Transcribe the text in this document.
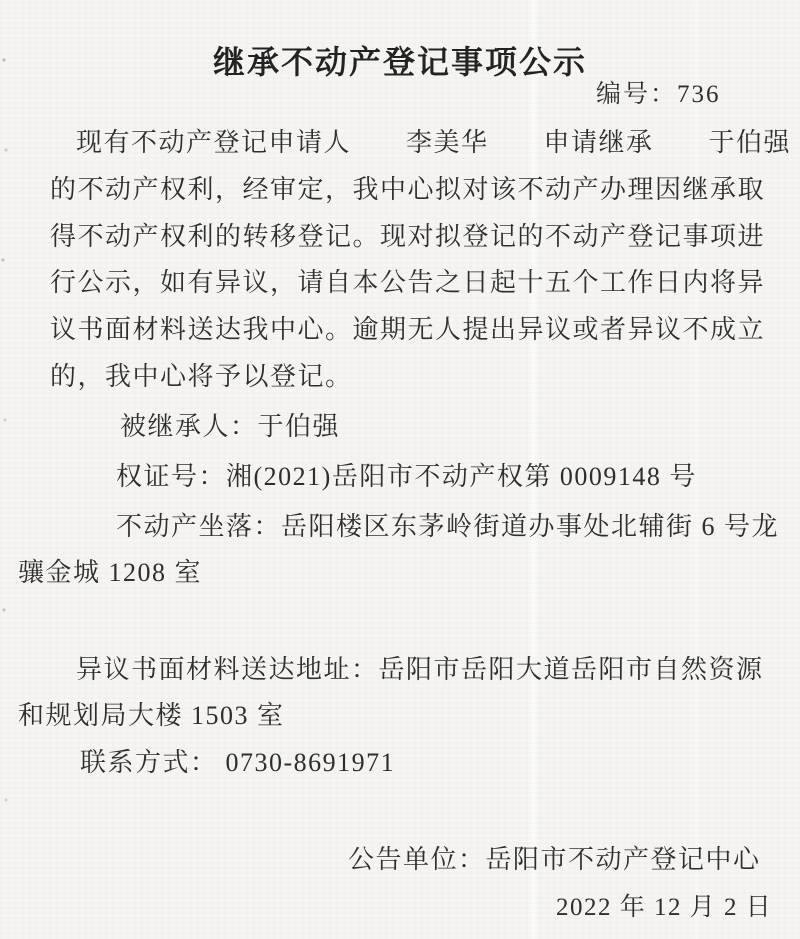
继承不动产登记事项公示
编号：736
现有不动产登记申请人　　李美华　　申请继承　　于伯强
的不动产权利，经审定，我中心拟对该不动产办理因继承取
得不动产权利的转移登记。现对拟登记的不动产登记事项进
行公示，如有异议，请自本公告之日起十五个工作日内将异
议书面材料送达我中心。逾期无人提出异议或者异议不成立
的，我中心将予以登记。
被继承人：于伯强
权证号：湘(2021)岳阳市不动产权第 0009148 号
不动产坐落：岳阳楼区东茅岭街道办事处北辅街 6 号龙
骧金城 1208 室
异议书面材料送达地址：岳阳市岳阳大道岳阳市自然资源
和规划局大楼 1503 室
联系方式： 0730-8691971
公告单位：岳阳市不动产登记中心
2022 年 12 月 2 日
